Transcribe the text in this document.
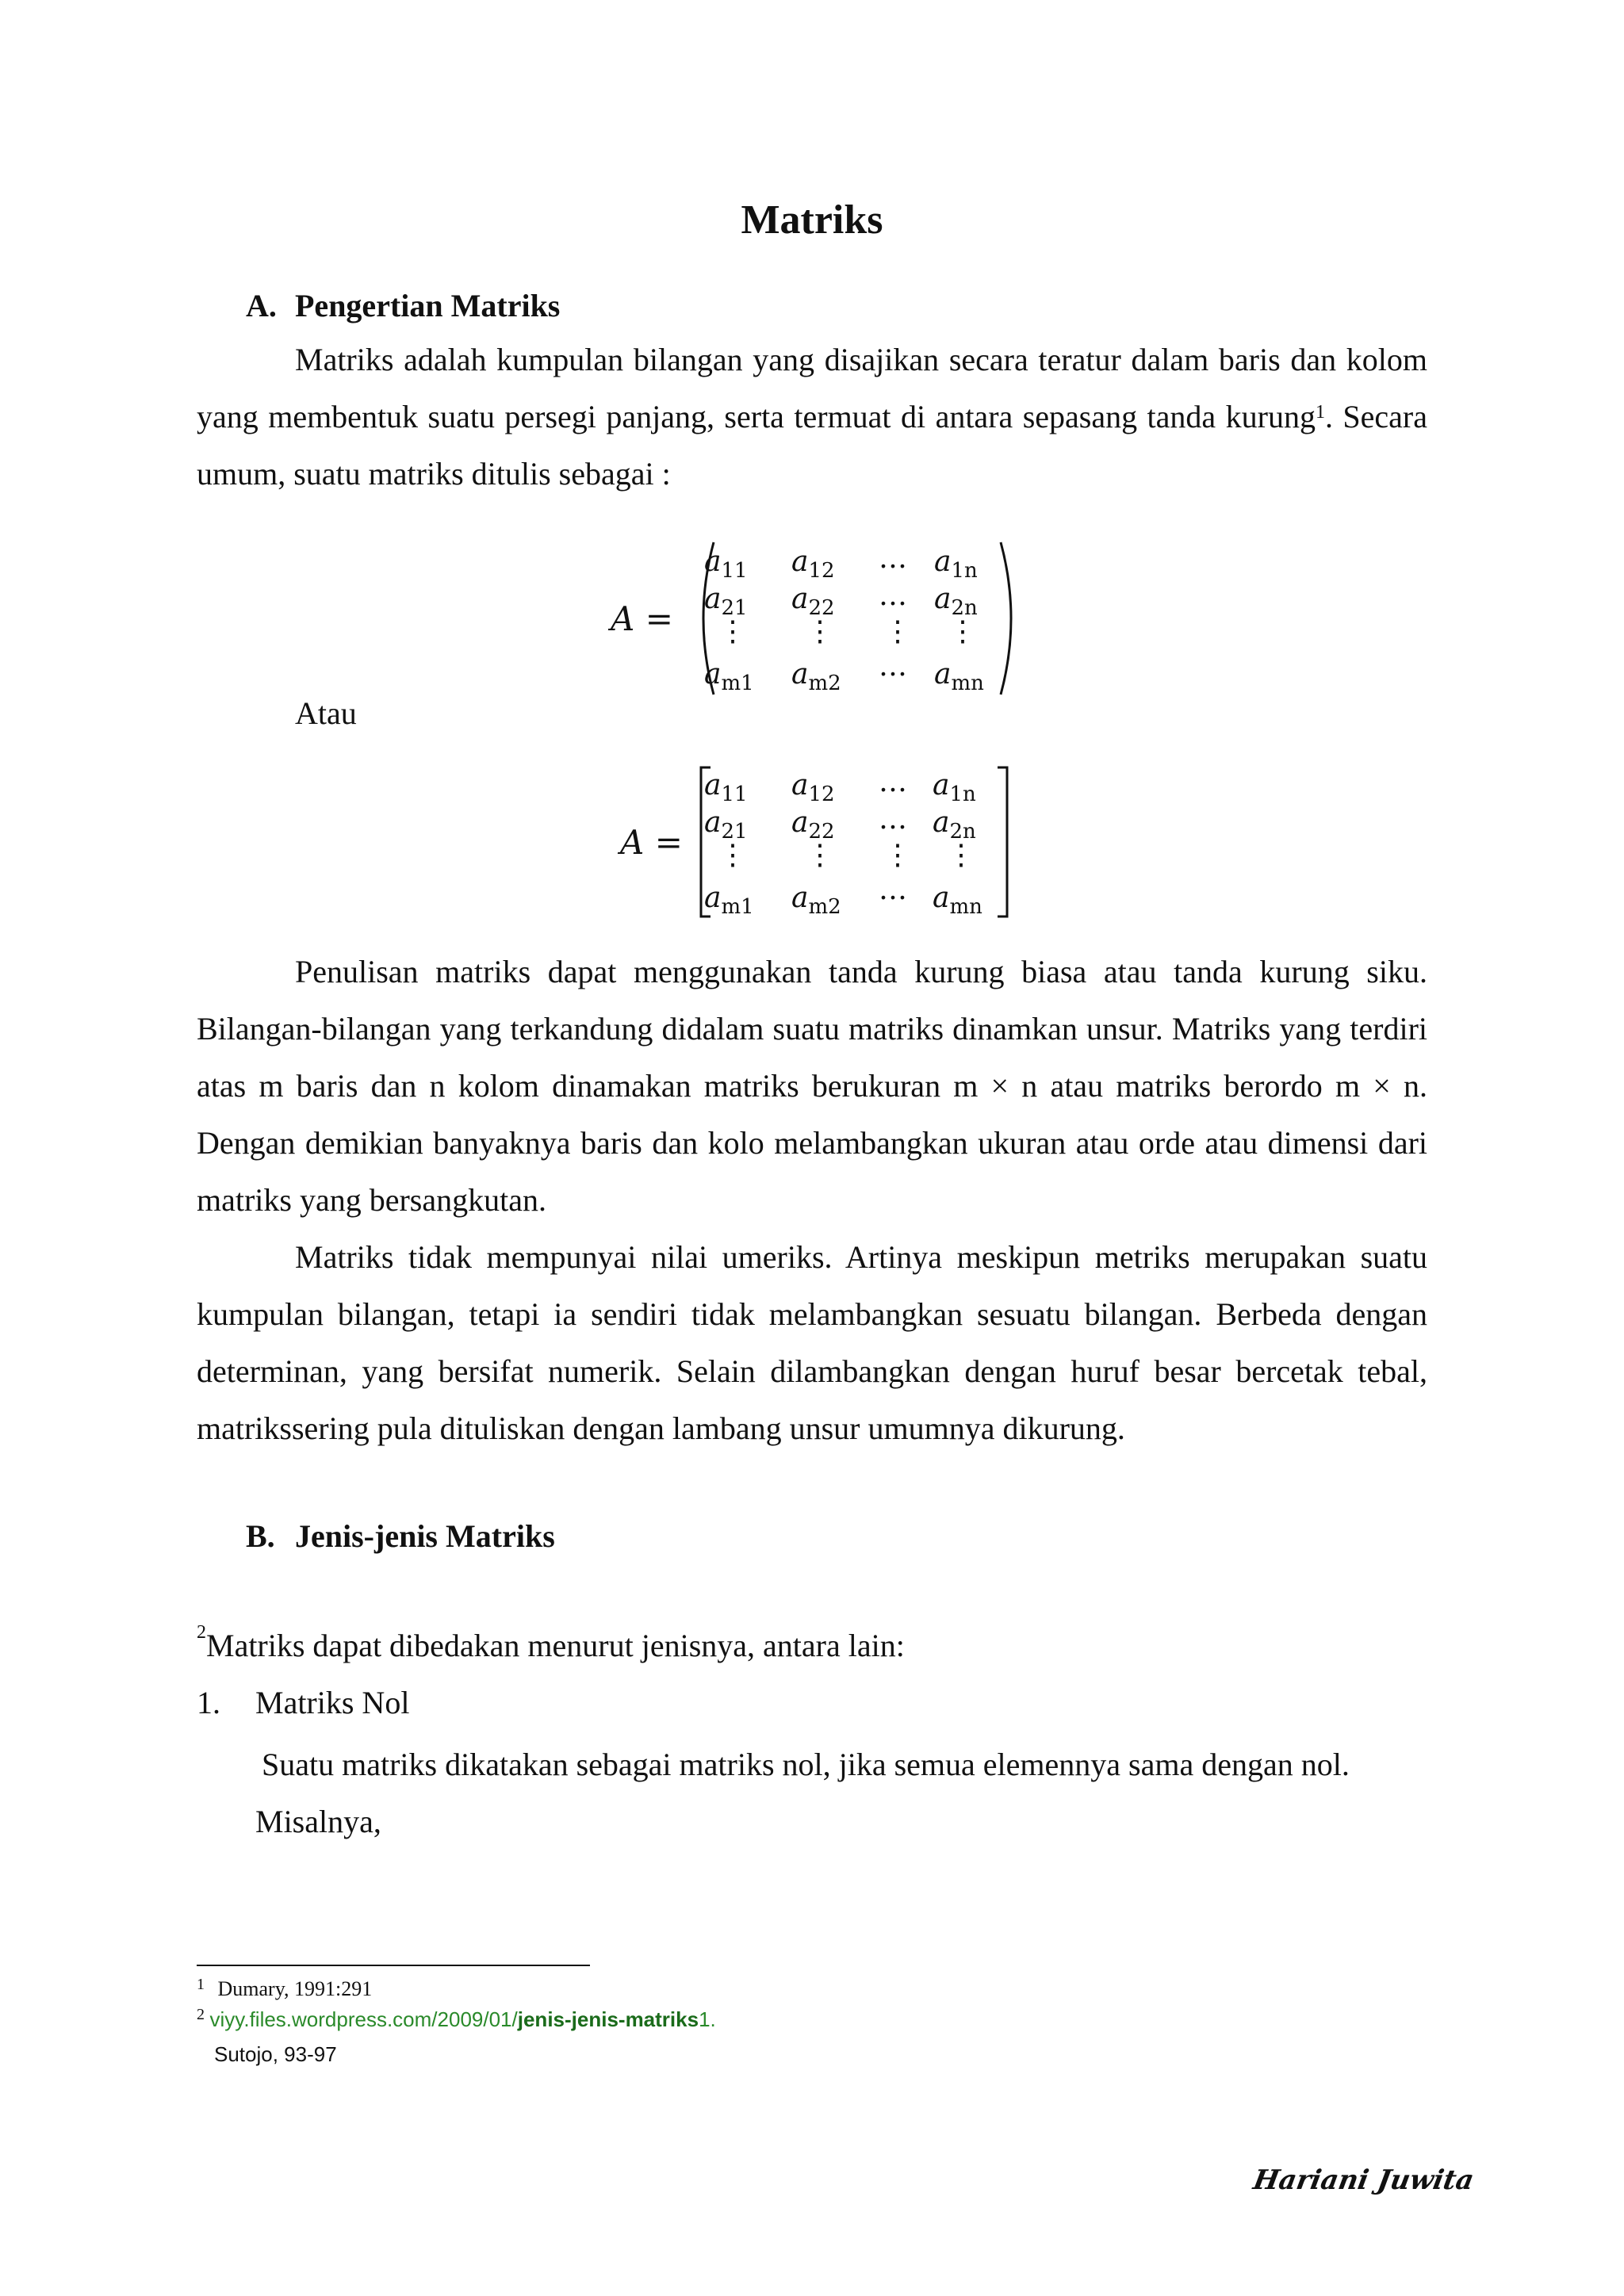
Matriks
A. Pengertian Matriks

Matriks adalah kumpulan bilangan yang disajikan secara teratur dalam baris dan kolom yang membentuk suatu persegi panjang, serta termuat di antara sepasang tanda kurung$^1$. Secara umum, suatu matriks ditulis sebagai :

A =
$a_{11}$ $a_{12}$ … $a_{1n}$
$a_{21}$ $a_{22}$ … $a_{2n}$
⋮ ⋮ ⋮ ⋮
$a_{m1}$ $a_{m2}$
… $a_{mn}$
Atau
A =
$a_{11}$ $a_{12}$ … $a_{1n}$
$a_{21}$ $a_{22}$ … $a_{2n}$
⋮ ⋮ ⋮ ⋮
$a_{m1}$ $a_{m2}$
… $a_{mn}$

Penulisan matriks dapat menggunakan tanda kurung biasa atau tanda kurung siku. Bilangan-bilangan yang terkandung didalam suatu matriks dinamkan unsur. Matriks yang terdiri atas m baris dan n kolom dinamakan matriks berukuran m × n atau matriks berordo m × n. Dengan demikian banyaknya baris dan kolo melambangkan ukuran atau orde atau dimensi dari matriks yang bersangkutan.

Matriks tidak mempunyai nilai umeriks. Artinya meskipun metriks merupakan suatu kumpulan bilangan, tetapi ia sendiri tidak melambangkan sesuatu bilangan. Berbeda dengan determinan, yang bersifat numerik. Selain dilambangkan dengan huruf besar bercetak tebal, matrikssering pula dituliskan dengan lambang unsur umumnya dikurung.

B. Jenis-jenis Matriks
$^2$Matriks dapat dibedakan menurut jenisnya, antara lain:
1. Matriks Nol

Suatu matriks dikatakan sebagai matriks nol, jika semua elemennya sama dengan nol.

Misalnya,

$^1$ Dumary, 1991:291
$^2$ viyy.files.wordpress.com/2009/01/jenis-jenis-matriks1.
Sutojo, 93-97
Hariani Juwita
